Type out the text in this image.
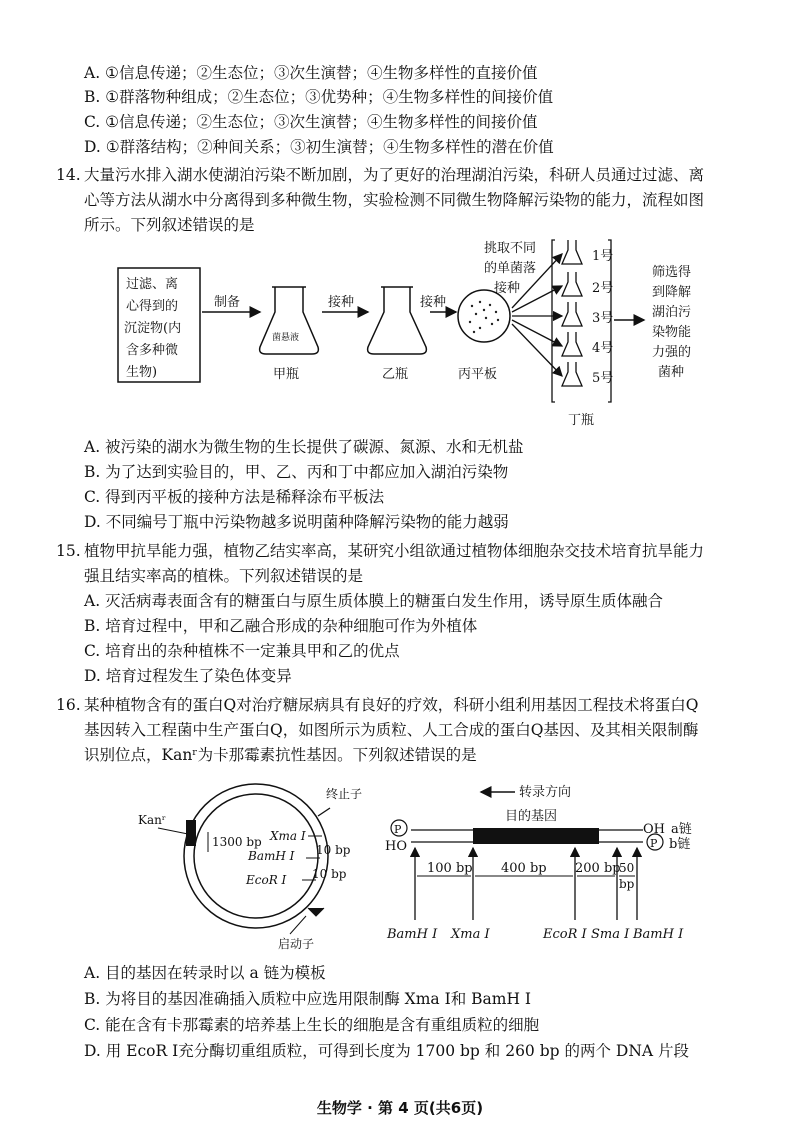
A. ①信息传递；②生态位；③次生演替；④生物多样性的直接价值
B. ①群落物种组成；②生态位；③优势种；④生物多样性的间接价值
C. ①信息传递；②生态位；③次生演替；④生物多样性的间接价值
D. ①群落结构；②种间关系；③初生演替；④生物多样性的潜在价值
14. 大量污水排入湖水使湖泊污染不断加剧，为了更好的治理湖泊污染，科研人员通过过滤、离
心等方法从湖水中分离得到多种微生物，实验检测不同微生物降解污染物的能力，流程如图
所示。下列叙述错误的是
过滤、离
心得到的
沉淀物(内
含多种微
生物)
制备
菌悬液
甲瓶
接种
乙瓶
接种
丙平板
挑取不同
的单菌落
接种
1号
2号
3号
4号
5号
丁瓶
筛选得
到降解
湖泊污
染物能
力强的
菌种
A. 被污染的湖水为微生物的生长提供了碳源、氮源、水和无机盐
B. 为了达到实验目的，甲、乙、丙和丁中都应加入湖泊污染物
C. 得到丙平板的接种方法是稀释涂布平板法
D. 不同编号丁瓶中污染物越多说明菌种降解污染物的能力越弱
15. 植物甲抗旱能力强，植物乙结实率高，某研究小组欲通过植物体细胞杂交技术培育抗旱能力
强且结实率高的植株。下列叙述错误的是
A. 灭活病毒表面含有的糖蛋白与原生质体膜上的糖蛋白发生作用，诱导原生质体融合
B. 培育过程中，甲和乙融合形成的杂种细胞可作为外植体
C. 培育出的杂种植株不一定兼具甲和乙的优点
D. 培育过程发生了染色体变异
16. 某种植物含有的蛋白Q对治疗糖尿病具有良好的疗效，科研小组利用基因工程技术将蛋白Q
基因转入工程菌中生产蛋白Q，如图所示为质粒、人工合成的蛋白Q基因、及其相关限制酶
识别位点，Kanʳ为卡那霉素抗性基因。下列叙述错误的是
Kanʳ
终止子
启动子
1300 bp Xma Ⅰ
BamH Ⅰ
EcoR Ⅰ
10 bp
10 bp
转录方向
目的基因
P
HO
OH a链
P b链
100 bp 400 bp 200 bp
50
bp
BamH Ⅰ Xma Ⅰ	EcoR Ⅰ Sma Ⅰ BamH Ⅰ
A. 目的基因在转录时以 a 链为模板
B. 为将目的基因准确插入质粒中应选用限制酶 Xma Ⅰ和 BamH Ⅰ
C. 能在含有卡那霉素的培养基上生长的细胞是含有重组质粒的细胞
D. 用 EcoR Ⅰ充分酶切重组质粒，可得到长度为 1700 bp 和 260 bp 的两个 DNA 片段
生物学 · 第 4 页(共6页)
